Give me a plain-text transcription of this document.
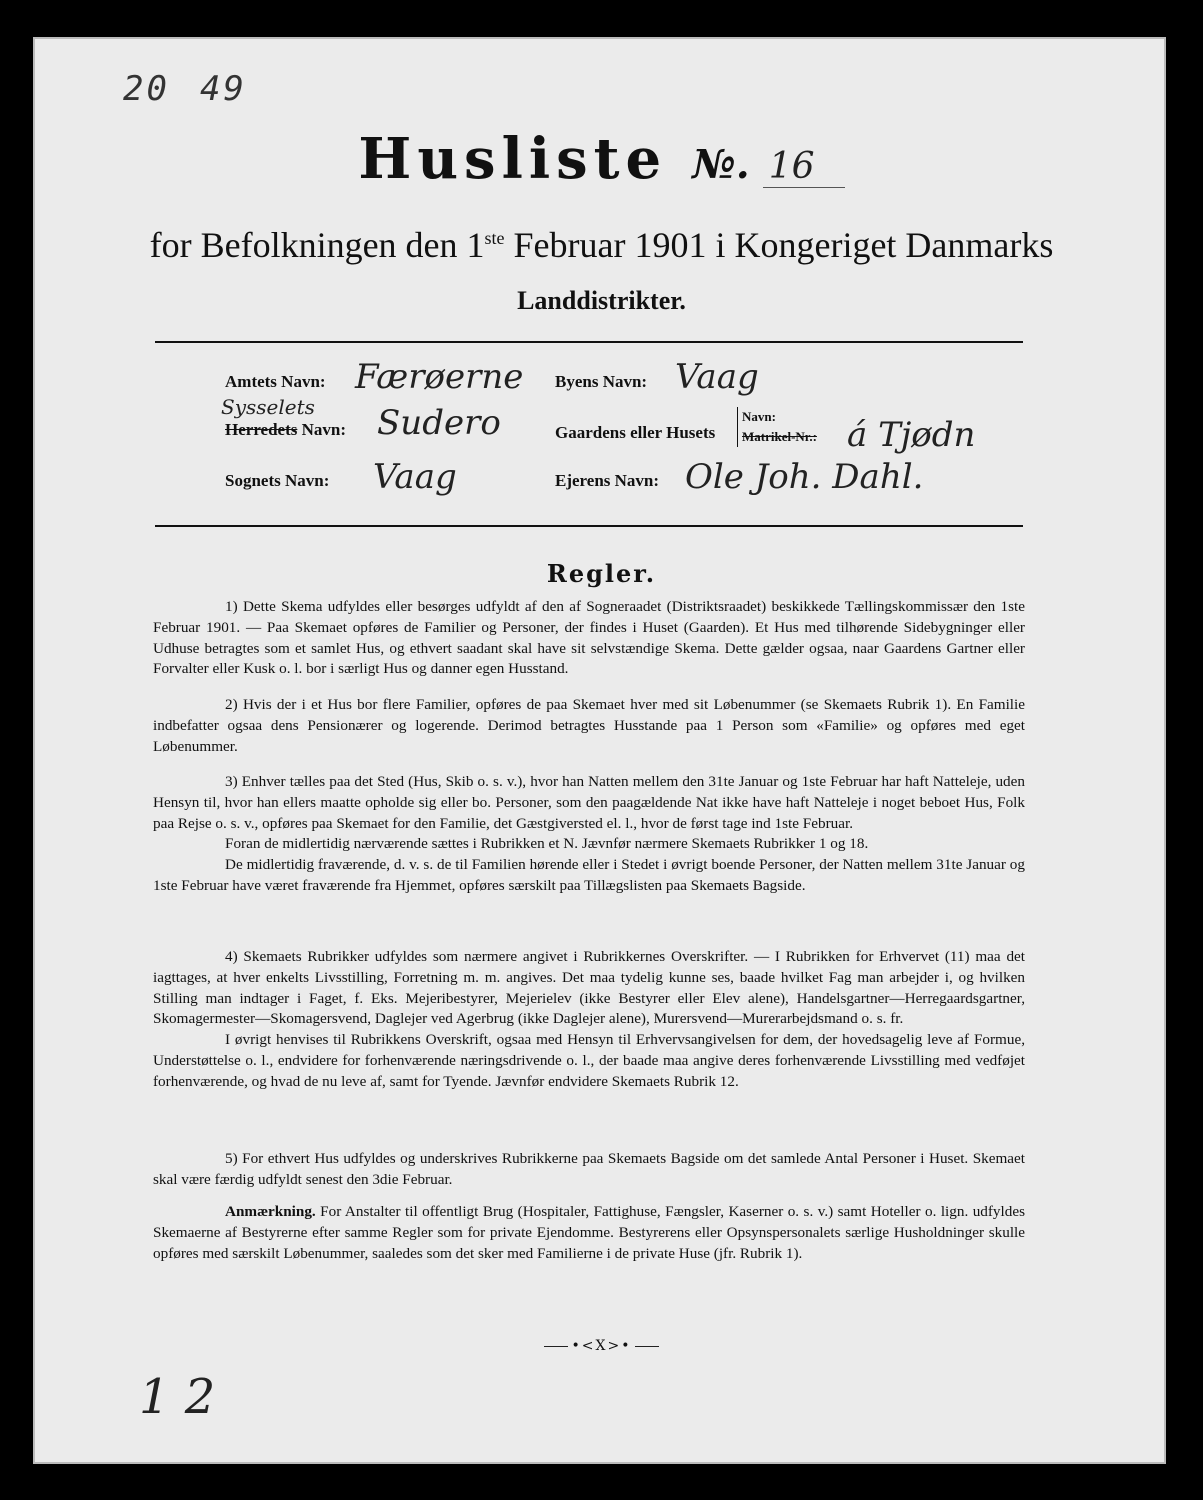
20 49
Husliste №. 16
for Befolkningen den 1ste Februar 1901 i Kongeriget Danmarks
Landdistrikter.
Amtets Navn: Færøerne
Sysselets
Herredets Navn: Sudero
Sognets Navn: Vaag
Byens Navn: Vaag
Gaardens eller Husets
Navn:
Matrikel-Nr.: á Tjødn
Ejerens Navn: Ole Joh. Dahl.
Regler.

1) Dette Skema udfyldes eller besørges udfyldt af den af Sogneraadet (Distriktsraadet) beskikkede Tællingskommissær den 1ste Februar 1901. — Paa Skemaet opføres de Familier og Personer, der findes i Huset (Gaarden). Et Hus med tilhørende Sidebygninger eller Udhuse betragtes som et samlet Hus, og ethvert saadant skal have sit selvstændige Skema. Dette gælder ogsaa, naar Gaardens Gartner eller Forvalter eller Kusk o. l. bor i særligt Hus og danner egen Husstand.

2) Hvis der i et Hus bor flere Familier, opføres de paa Skemaet hver med sit Løbenummer (se Skemaets Rubrik 1). En Familie indbefatter ogsaa dens Pensionærer og logerende. Derimod betragtes Husstande paa 1 Person som «Familie» og opføres med eget Løbenummer.

3) Enhver tælles paa det Sted (Hus, Skib o. s. v.), hvor han Natten mellem den 31te Januar og 1ste Februar har haft Natteleje, uden Hensyn til, hvor han ellers maatte opholde sig eller bo. Personer, som den paagældende Nat ikke have haft Natteleje i noget beboet Hus, Folk paa Rejse o. s. v., opføres paa Skemaet for den Familie, det Gæstgiversted el. l., hvor de først tage ind 1ste Februar.

Foran de midlertidig nærværende sættes i Rubrikken et N. Jævnfør nærmere Skemaets Rubrikker 1 og 18.

De midlertidig fraværende, d. v. s. de til Familien hørende eller i Stedet i øvrigt boende Personer, der Natten mellem 31te Januar og 1ste Februar have været fraværende fra Hjemmet, opføres særskilt paa Tillægslisten paa Skemaets Bagside.

4) Skemaets Rubrikker udfyldes som nærmere angivet i Rubrikkernes Overskrifter. — I Rubrikken for Erhvervet (11) maa det iagttages, at hver enkelts Livsstilling, Forretning m. m. angives. Det maa tydelig kunne ses, baade hvilket Fag man arbejder i, og hvilken Stilling man indtager i Faget, f. Eks. Mejeribestyrer, Mejerielev (ikke Bestyrer eller Elev alene), Handelsgartner—Herregaardsgartner, Skomagermester—Skomagersvend, Daglejer ved Agerbrug (ikke Daglejer alene), Murersvend—Murerarbejdsmand o. s. fr.

I øvrigt henvises til Rubrikkens Overskrift, ogsaa med Hensyn til Erhvervsangivelsen for dem, der hovedsagelig leve af Formue, Understøttelse o. l., endvidere for forhenværende næringsdrivende o. l., der baade maa angive deres forhenværende Livsstilling med vedføjet forhenværende, og hvad de nu leve af, samt for Tyende. Jævnfør endvidere Skemaets Rubrik 12.

5) For ethvert Hus udfyldes og underskrives Rubrikkerne paa Skemaets Bagside om det samlede Antal Personer i Huset. Skemaet skal være færdig udfyldt senest den 3die Februar.

Anmærkning. For Anstalter til offentligt Brug (Hospitaler, Fattighuse, Fængsler, Kaserner o. s. v.) samt Hoteller o. lign. udfyldes Skemaerne af Bestyrerne efter samme Regler som for private Ejendomme. Bestyrerens eller Opsynspersonalets særlige Husholdninger skulle opføres med særskilt Løbenummer, saaledes som det sker med Familierne i de private Huse (jfr. Rubrik 1).

•<X>•
1 2
